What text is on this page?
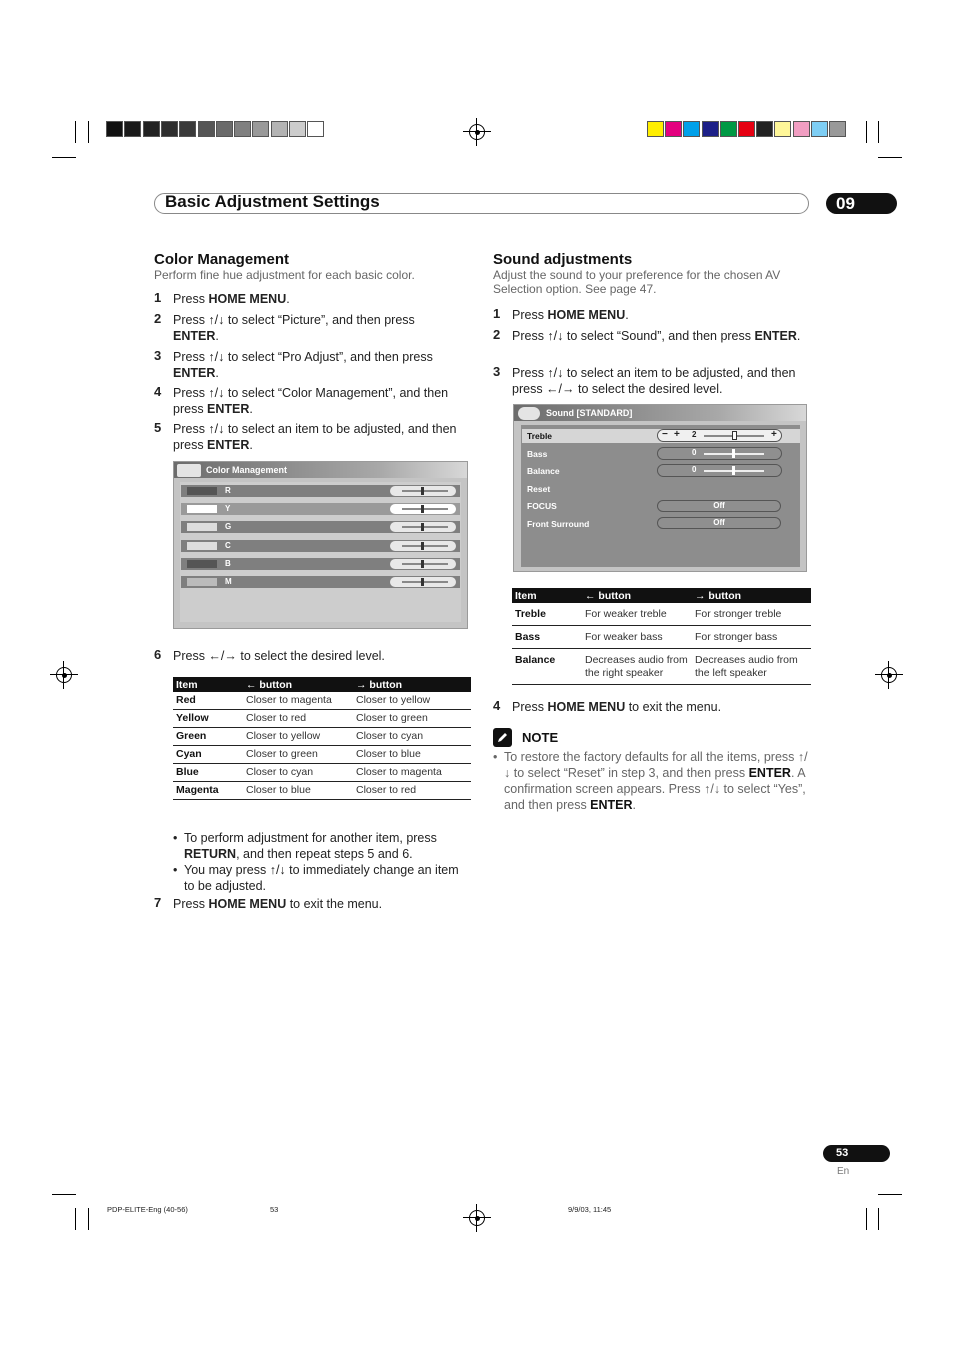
Basic Adjustment Settings	09
Color Management
Perform fine hue adjustment for each basic color.
1 Press HOME MENU.
2 Press ↑/↓ to select “Picture”, and then press ENTER.
3 Press ↑/↓ to select “Pro Adjust”, and then press ENTER.
4 Press ↑/↓ to select “Color Management”, and then press ENTER.
5 Press ↑/↓ to select an item to be adjusted, and then press ENTER.
Color Management
R
Y
G
C
B
M
6 Press ←/→ to select the desired level.
Item	← button	→ button
Red	Closer to magenta	Closer to yellow
Yellow	Closer to red	Closer to green
Green	Closer to yellow	Closer to cyan
Cyan	Closer to green	Closer to blue
Blue	Closer to cyan	Closer to magenta
Magenta	Closer to blue	Closer to red
• To perform adjustment for another item, press RETURN, and then repeat steps 5 and 6.
• You may press ↑/↓ to immediately change an item to be adjusted.
7 Press HOME MENU to exit the menu.
Sound adjustments
Adjust the sound to your preference for the chosen AV Selection option. See page 47.
1 Press HOME MENU.
2 Press ↑/↓ to select “Sound”, and then press ENTER.
3 Press ↑/↓ to select an item to be adjusted, and then press ←/→ to select the desired level.
Sound [STANDARD]
Treble	− + 2	+
Bass	0
Balance	0
Reset
FOCUS	Off
Front Surround	Off
Item	← button	→ button
Treble	For weaker treble	For stronger treble
Bass	For weaker bass	For stronger bass
Balance	Decreases audio from the right speaker	Decreases audio from the left speaker
4 Press HOME MENU to exit the menu.
NOTE
• To restore the factory defaults for all the items, press ↑/↓ to select “Reset” in step 3, and then press ENTER. A confirmation screen appears. Press ↑/↓ to select “Yes”, and then press ENTER.
53
En
PDP-ELITE-Eng (40-56)	53	9/9/03, 11:45
